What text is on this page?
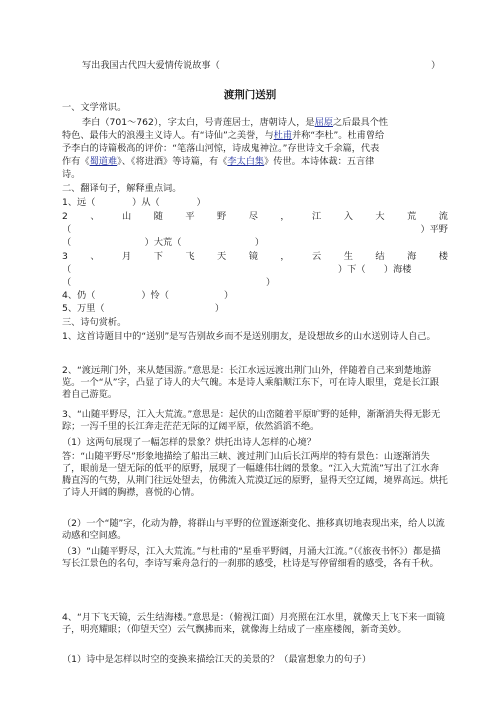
写出我国古代四大爱情传说故事（　　　　　　　　　　　　　　　　　　　　　　　）
渡荆门送别
一、文学常识。
李白（701～762），字太白，号青莲居士，唐朝诗人，是屈原之后最具个性
特色、最伟大的浪漫主义诗人。有“诗仙”之美誉，与杜甫并称“李杜”。杜甫曾给
予李白的诗篇极高的评价：“笔落山河惊，诗成鬼神泣。”存世诗文千余篇，代表
作有《蜀道难》、《将进酒》等诗篇，有《李太白集》传世。本诗体裁：五言律
诗。
二、翻译句子，解释重点词。
1、远（　　　　）从（　　　　）
2 、 山 随 平 野 尽 ， 江 入 大 荒 流
（	）平野
（　　　　　　　　）大荒（　　　　　　　　）
3 、 月 下 飞 天 镜 ， 云 生 结 海 楼
（	）下（　　）海楼
（	）
4、仍（　　　　　）怜（　　　　　　）
5、万里（　　　　　　　　　　　　）
三、诗句赏析。
1、这首诗题目中的“送别”是写告别故乡而不是送别朋友，是设想故乡的山水送别诗人自己。
2、“渡远荆门外，来从楚国游。”意思是：长江水远远渡出荆门山外，伴随着自己来到楚地游览。一个“从”字，凸显了诗人的大气魄。本是诗人乘船顺江东下，可在诗人眼里，竟是长江跟着自己游览。
3、“山随平野尽，江入大荒流。”意思是：起伏的山峦随着平原旷野的延伸，渐渐消失得无影无踪；一泻千里的长江奔走茫茫无际的辽阔平原，依然滔滔不绝。
（1）这两句展现了一幅怎样的景象？烘托出诗人怎样的心境？
答：“山随平野尽”形象地描绘了船出三峡、渡过荆门山后长江两岸的特有景色：山逐渐消失了，眼前是一望无际的低平的原野，展现了一幅雄伟壮阔的景象。“江入大荒流”写出了江水奔腾直泻的气势，从荆门往远处望去，仿佛流入荒漠辽远的原野，显得天空辽阔，境界高远。烘托了诗人开阔的胸襟，喜悦的心情。
（2）一个“随”字，化动为静，将群山与平野的位置逐渐变化、推移真切地表现出来，给人以流动感和空间感。
（3）“山随平野尽，江入大荒流。”与杜甫的“星垂平野阔，月涌大江流。”（《旅夜书怀》）都是描写长江景色的名句，李诗写乘舟急行的一刹那的感受，杜诗是写停留细看的感受，各有千秋。
4、“月下飞天镜，云生结海楼。”意思是：（俯视江面）月亮照在江水里，就像天上飞下来一面镜子，明亮耀眼；（仰望天空）云气飘拂而来，就像海上结成了一座座楼阁，新奇美妙。
（1）诗中是怎样以时空的变换来描绘江天的美景的？（最富想象力的句子）
